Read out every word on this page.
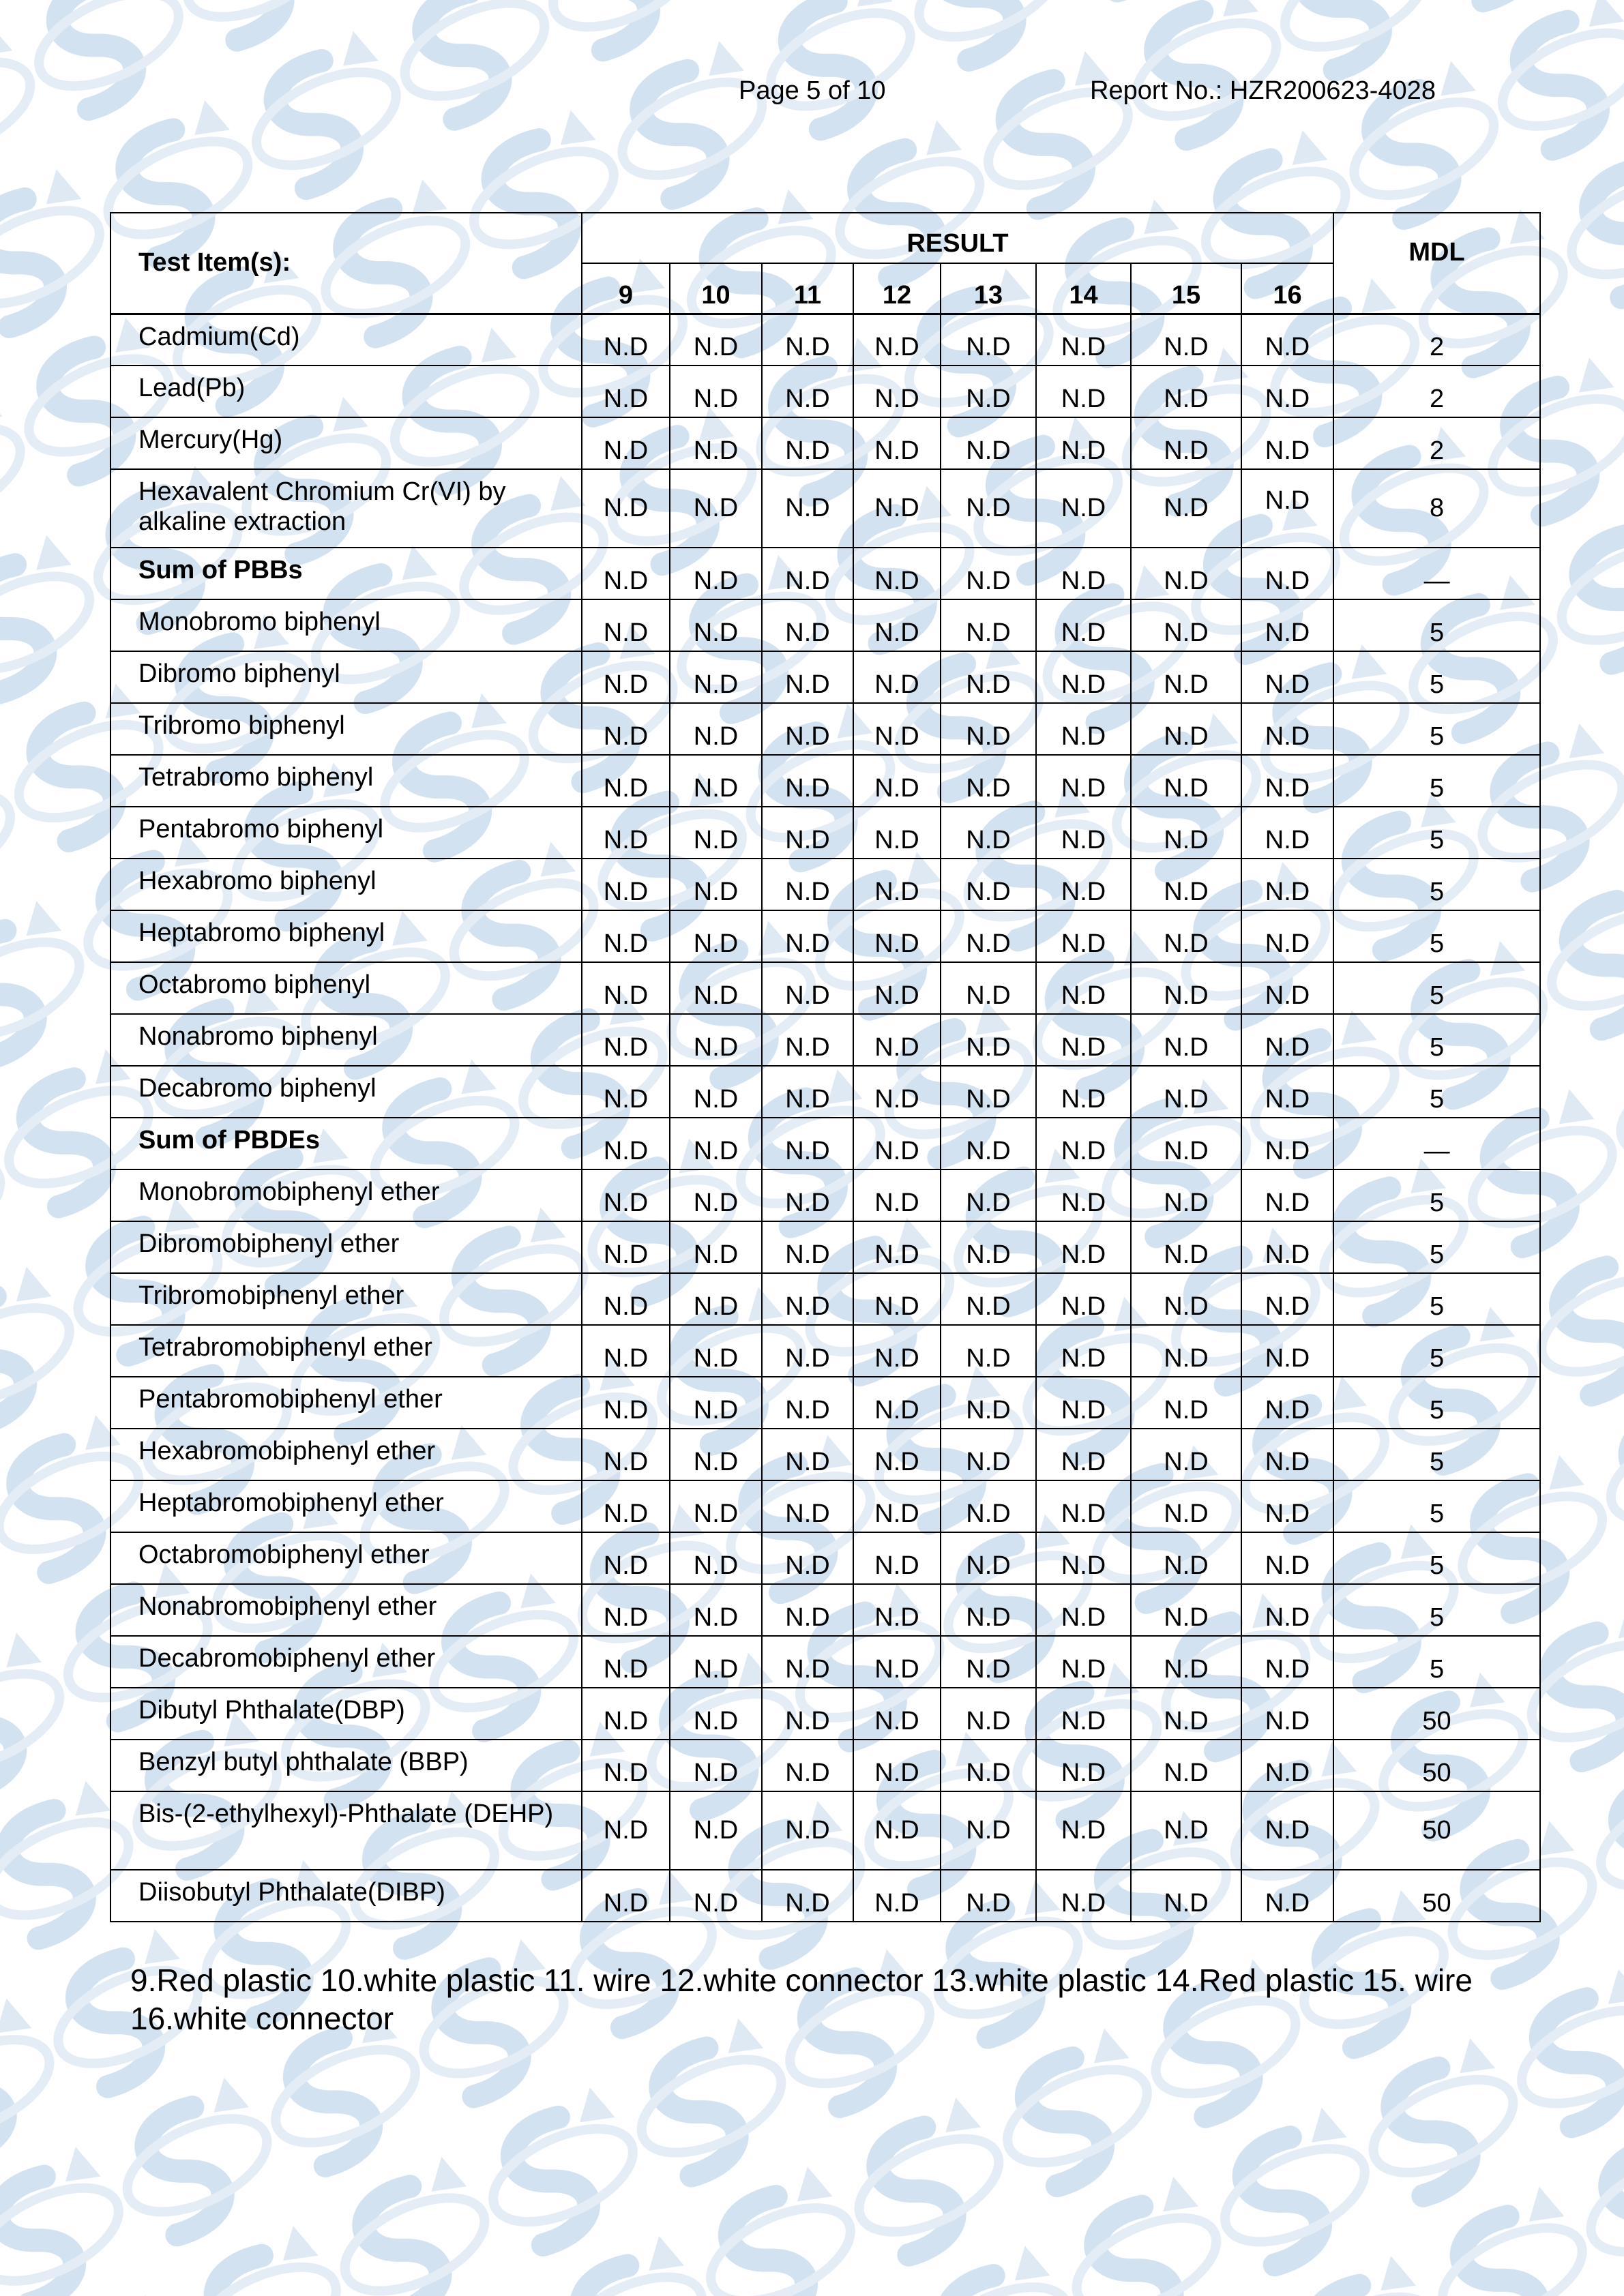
Page 5 of 10	Report No.: HZR200623-4028
Test Item(s):	RESULT								MDL
	9	10	11	12	13	14	15	16	
Cadmium(Cd)	N.D	N.D	N.D	N.D	N.D	N.D	N.D	N.D	2
Lead(Pb)	N.D	N.D	N.D	N.D	N.D	N.D	N.D	N.D	2
Mercury(Hg)	N.D	N.D	N.D	N.D	N.D	N.D	N.D	N.D	2
Hexavalent Chromium Cr(VI) by alkaline extraction	N.D	N.D	N.D	N.D	N.D	N.D	N.D	N.D	8
Sum of PBBs	N.D	N.D	N.D	N.D	N.D	N.D	N.D	N.D	—
Monobromo biphenyl	N.D	N.D	N.D	N.D	N.D	N.D	N.D	N.D	5
Dibromo biphenyl	N.D	N.D	N.D	N.D	N.D	N.D	N.D	N.D	5
Tribromo biphenyl	N.D	N.D	N.D	N.D	N.D	N.D	N.D	N.D	5
Tetrabromo biphenyl	N.D	N.D	N.D	N.D	N.D	N.D	N.D	N.D	5
Pentabromo biphenyl	N.D	N.D	N.D	N.D	N.D	N.D	N.D	N.D	5
Hexabromo biphenyl	N.D	N.D	N.D	N.D	N.D	N.D	N.D	N.D	5
Heptabromo biphenyl	N.D	N.D	N.D	N.D	N.D	N.D	N.D	N.D	5
Octabromo biphenyl	N.D	N.D	N.D	N.D	N.D	N.D	N.D	N.D	5
Nonabromo biphenyl	N.D	N.D	N.D	N.D	N.D	N.D	N.D	N.D	5
Decabromo biphenyl	N.D	N.D	N.D	N.D	N.D	N.D	N.D	N.D	5
Sum of PBDEs	N.D	N.D	N.D	N.D	N.D	N.D	N.D	N.D	—
Monobromobiphenyl ether	N.D	N.D	N.D	N.D	N.D	N.D	N.D	N.D	5
Dibromobiphenyl ether	N.D	N.D	N.D	N.D	N.D	N.D	N.D	N.D	5
Tribromobiphenyl ether	N.D	N.D	N.D	N.D	N.D	N.D	N.D	N.D	5
Tetrabromobiphenyl ether	N.D	N.D	N.D	N.D	N.D	N.D	N.D	N.D	5
Pentabromobiphenyl ether	N.D	N.D	N.D	N.D	N.D	N.D	N.D	N.D	5
Hexabromobiphenyl ether	N.D	N.D	N.D	N.D	N.D	N.D	N.D	N.D	5
Heptabromobiphenyl ether	N.D	N.D	N.D	N.D	N.D	N.D	N.D	N.D	5
Octabromobiphenyl ether	N.D	N.D	N.D	N.D	N.D	N.D	N.D	N.D	5
Nonabromobiphenyl ether	N.D	N.D	N.D	N.D	N.D	N.D	N.D	N.D	5
Decabromobiphenyl ether	N.D	N.D	N.D	N.D	N.D	N.D	N.D	N.D	5
Dibutyl Phthalate(DBP)	N.D	N.D	N.D	N.D	N.D	N.D	N.D	N.D	50
Benzyl butyl phthalate (BBP)	N.D	N.D	N.D	N.D	N.D	N.D	N.D	N.D	50
Bis-(2-ethylhexyl)-Phthalate (DEHP)	N.D	N.D	N.D	N.D	N.D	N.D	N.D	N.D	50
Diisobutyl Phthalate(DIBP)	N.D	N.D	N.D	N.D	N.D	N.D	N.D	N.D	50
9.Red plastic 10.white plastic 11. wire 12.white connector 13.white plastic 14.Red plastic 15. wire 16.white connector
